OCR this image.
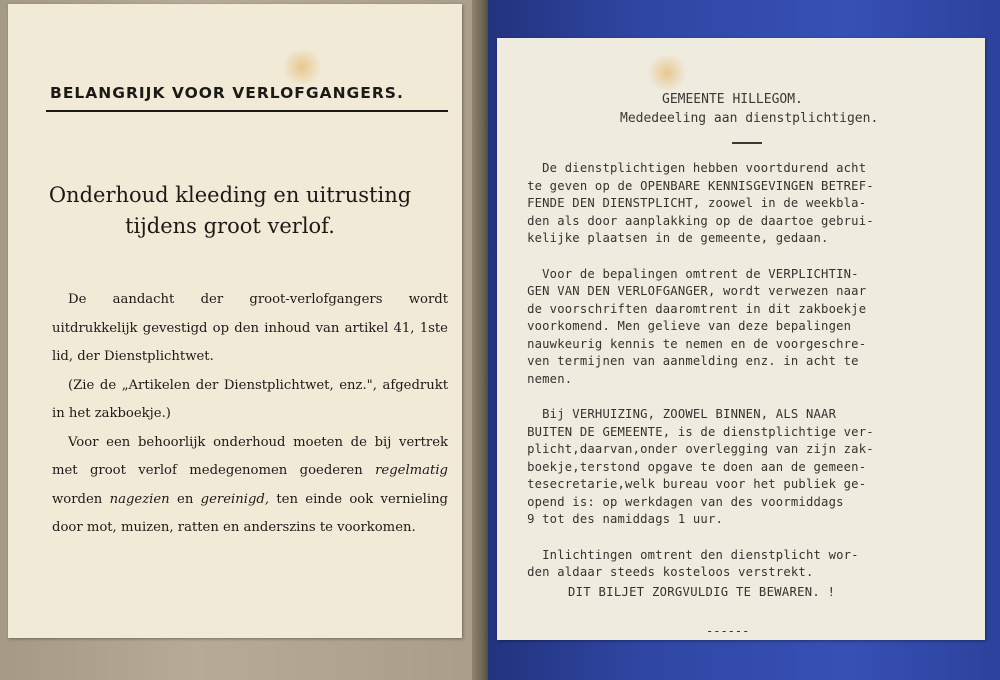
BELANGRIJK VOOR VERLOFGANGERS.
Onderhoud kleeding en uitrusting
tijdens groot verlof.

De aandacht der groot-verlofgangers wordt uitdrukkelijk gevestigd op den inhoud van artikel 41, 1ste lid, der Dienstplichtwet.

(Zie de „Artikelen der Dienstplichtwet, enz.", afgedrukt in het zakboekje.)

Voor een behoorlijk onderhoud moeten de bij vertrek met groot verlof medegenomen goederen regelmatig worden nagezien en gereinigd, ten einde ook vernieling door mot, muizen, ratten en anderszins te voorkomen.

GEMEENTE HILLEGOM.
Mededeeling aan dienstplichtigen.

De dienstplichtigen hebben voortdurend acht
te geven op de OPENBARE KENNISGEVINGEN BETREF-
FENDE DEN DIENSTPLICHT, zoowel in de weekbla-
den als door aanplakking op de daartoe gebrui-
kelijke plaatsen in de gemeente, gedaan.

Voor de bepalingen omtrent de VERPLICHTIN-
GEN VAN DEN VERLOFGANGER, wordt verwezen naar
de voorschriften daaromtrent in dit zakboekje
voorkomend. Men gelieve van deze bepalingen
nauwkeurig kennis te nemen en de voorgeschre-
ven termijnen van aanmelding enz. in acht te
nemen.

Bij VERHUIZING, ZOOWEL BINNEN, ALS NAAR
BUITEN DE GEMEENTE, is de dienstplichtige ver-
plicht,daarvan,onder overlegging van zijn zak-
boekje,terstond opgave te doen aan de gemeen-
tesecretarie,welk bureau voor het publiek ge-
opend is: op werkdagen van des voormiddags
9 tot des namiddags 1 uur.

Inlichtingen omtrent den dienstplicht wor-
den aldaar steeds kosteloos verstrekt.

DIT BILJET ZORGVULDIG TE BEWAREN. !
------
